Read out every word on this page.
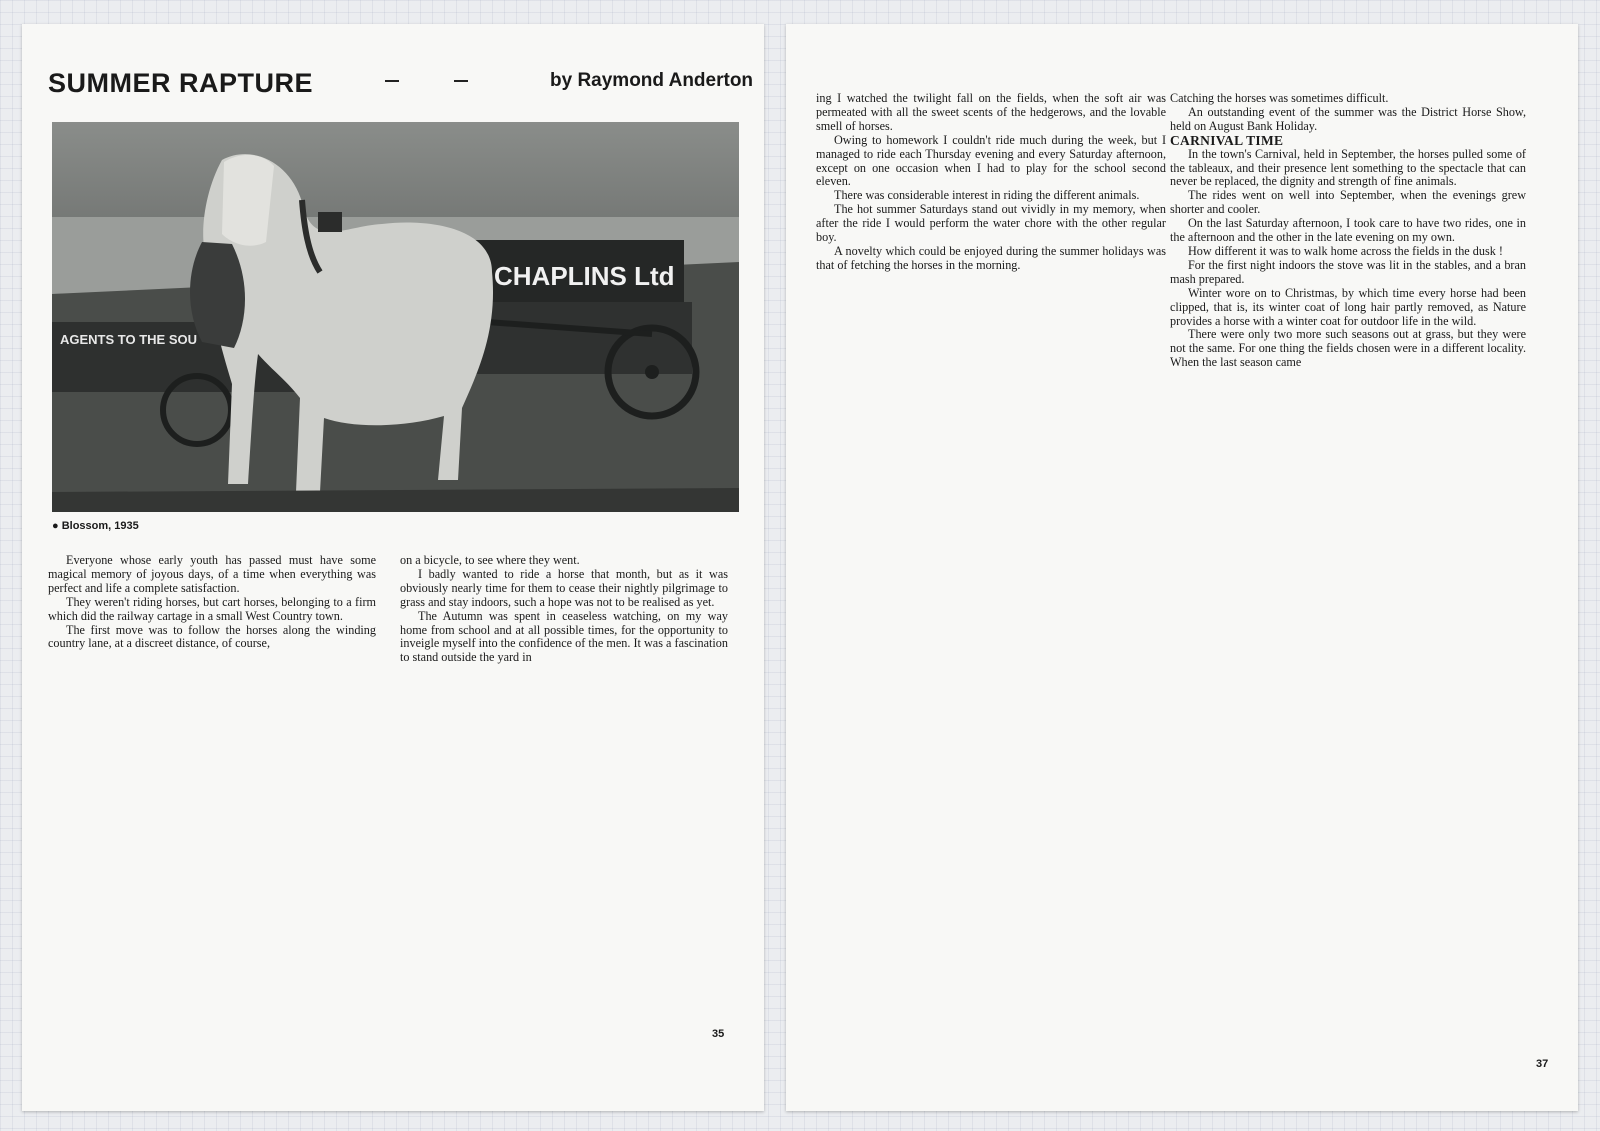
SUMMER RAPTURE	by Raymond Anderton
AGENTS TO THE SOU
CHAPLINS Ltd
● Blossom, 1935

Everyone whose early youth has passed must have some magical memory of joyous days, of a time when everything was perfect and life a complete satisfaction.

They weren't riding horses, but cart horses, belonging to a firm which did the railway cartage in a small West Country town.

The first move was to follow the horses along the winding country lane, at a discreet distance, of course,

on a bicycle, to see where they went.

I badly wanted to ride a horse that month, but as it was obviously nearly time for them to cease their nightly pilgrimage to grass and stay indoors, such a hope was not to be realised as yet.

The Autumn was spent in ceaseless watching, on my way home from school and at all possible times, for the opportunity to inveigle myself into the confidence of the men. It was a fascination to stand outside the yard in

35

ing I watched the twilight fall on the fields, when the soft air was permeated with all the sweet scents of the hedgerows, and the lovable smell of horses.

Owing to homework I couldn't ride much during the week, but I managed to ride each Thursday evening and every Saturday afternoon, except on one occasion when I had to play for the school second eleven.

There was considerable interest in riding the different animals.

The hot summer Saturdays stand out vividly in my memory, when after the ride I would perform the water chore with the other regular boy.

A novelty which could be enjoyed during the summer holidays was that of fetching the horses in the morning.

Catching the horses was sometimes difficult.

An outstanding event of the summer was the District Horse Show, held on August Bank Holiday.

CARNIVAL TIME

In the town's Carnival, held in September, the horses pulled some of the tableaux, and their presence lent something to the spectacle that can never be replaced, the dignity and strength of fine animals.

The rides went on well into September, when the evenings grew shorter and cooler.

On the last Saturday afternoon, I took care to have two rides, one in the afternoon and the other in the late evening on my own.

How different it was to walk home across the fields in the dusk !

For the first night indoors the stove was lit in the stables, and a bran mash prepared.

Winter wore on to Christmas, by which time every horse had been clipped, that is, its winter coat of long hair partly removed, as Nature provides a horse with a winter coat for outdoor life in the wild.

There were only two more such seasons out at grass, but they were not the same. For one thing the fields chosen were in a different locality. When the last season came

37
